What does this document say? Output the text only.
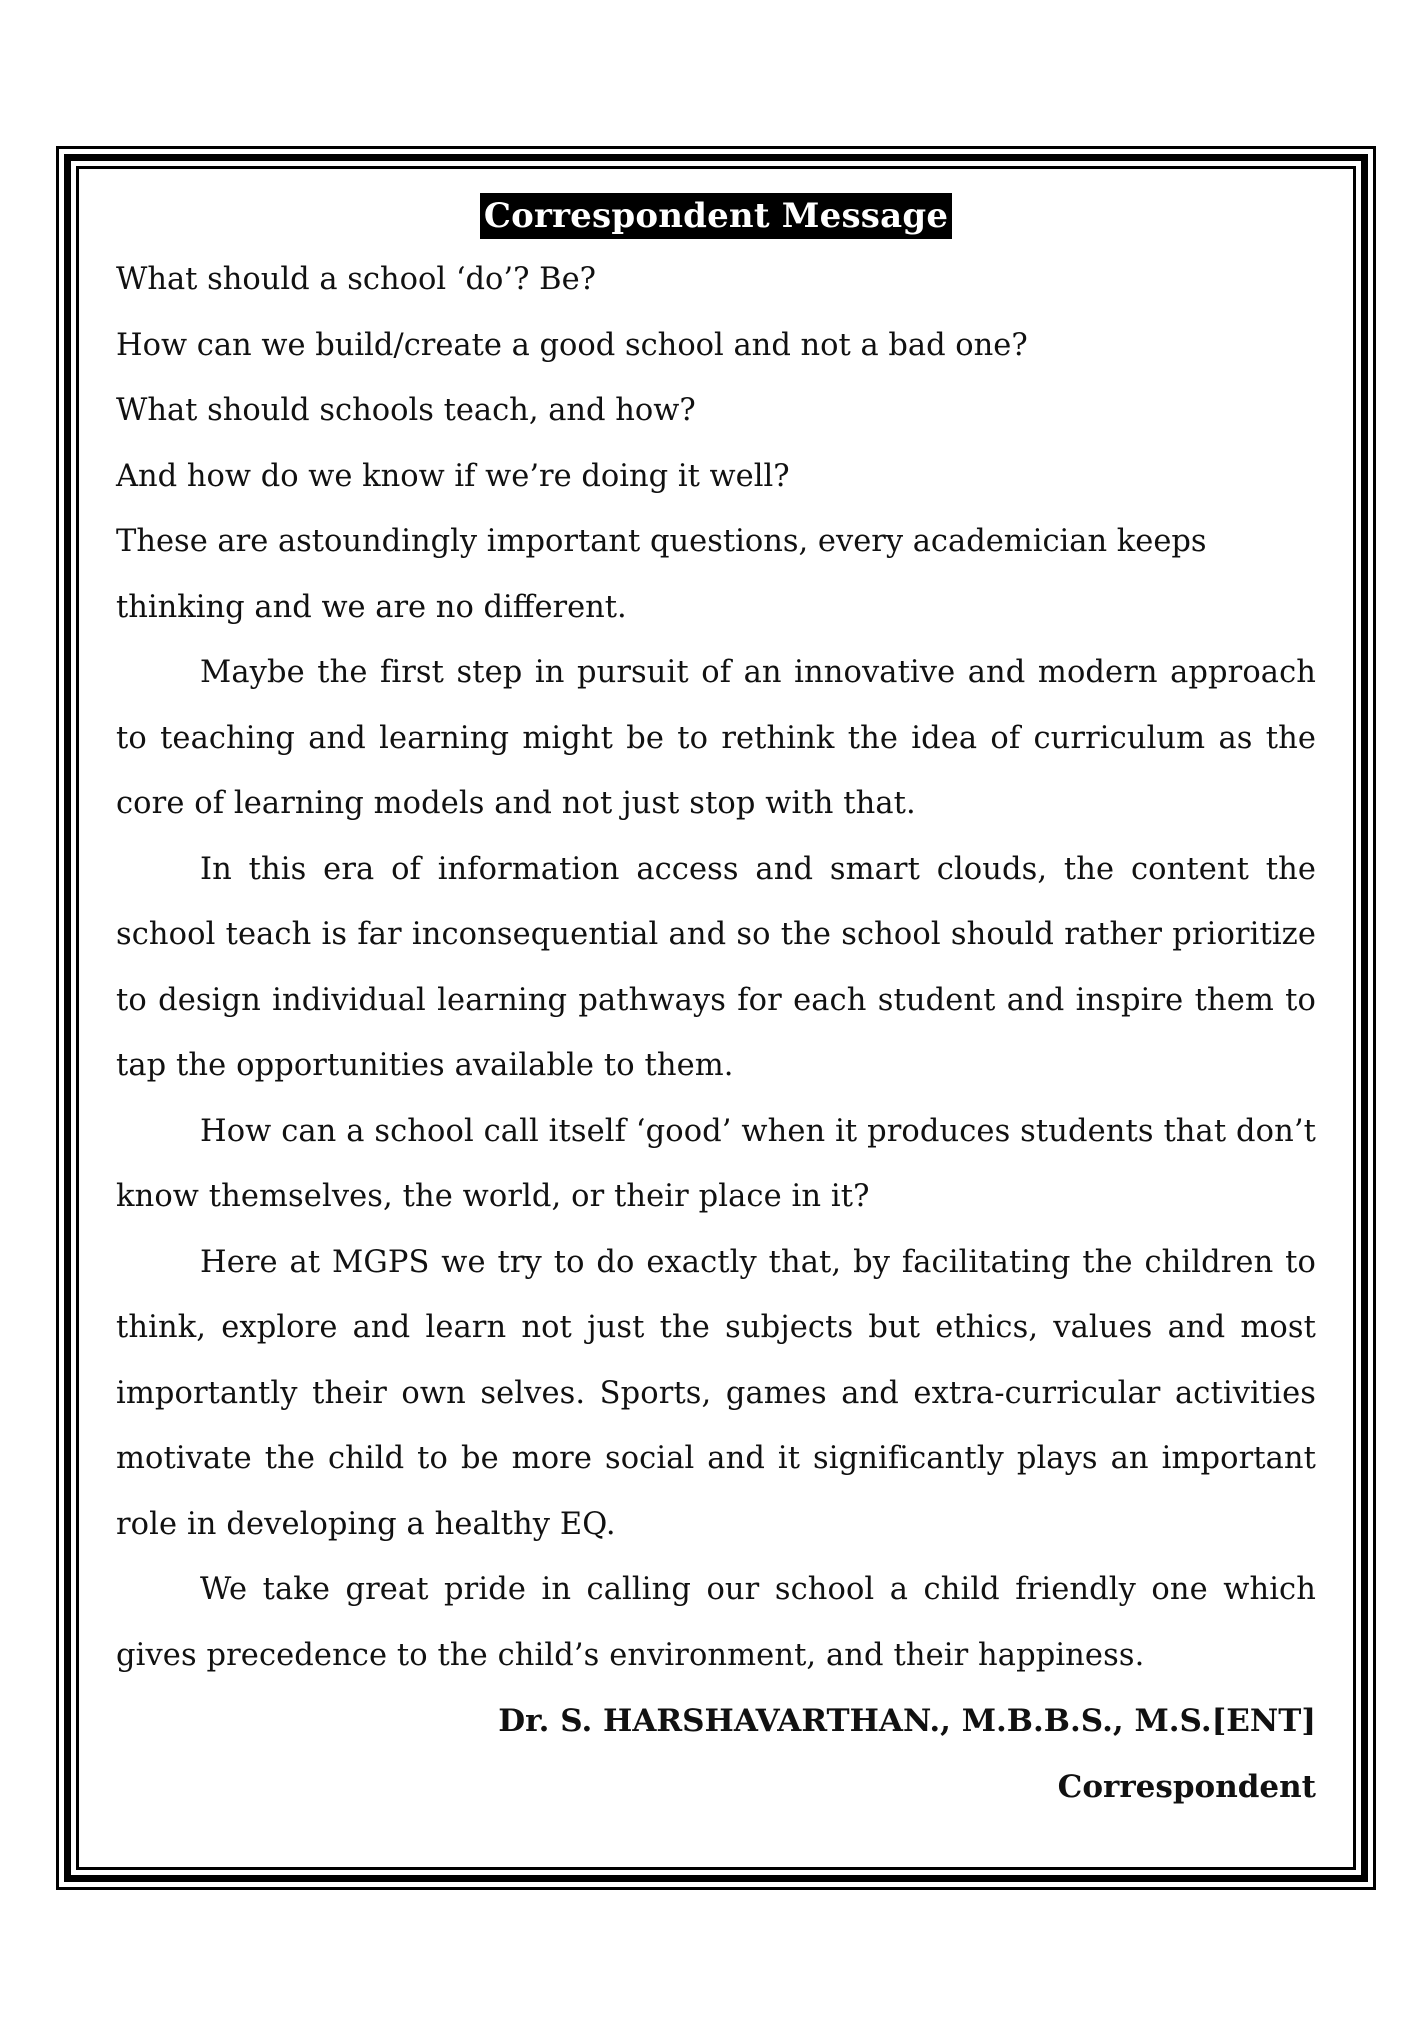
Correspondent Message

What should a school ‘do’? Be?

How can we build/create a good school and not a bad one?

What should schools teach, and how?

And how do we know if we’re doing it well?

These are astoundingly important questions, every academician keeps

thinking and we are no different.

Maybe the first step in pursuit of an innovative and modern approach to teaching and learning might be to rethink the idea of curriculum as the core of learning models and not just stop with that.

In this era of information access and smart clouds, the content the school teach is far inconsequential and so the school should rather prioritize to design individual learning pathways for each student and inspire them to tap the opportunities available to them.

How can a school call itself ‘good’ when it produces students that don’t know themselves, the world, or their place in it?

Here at MGPS we try to do exactly that, by facilitating the children to think, explore and learn not just the subjects but ethics, values and most importantly their own selves. Sports, games and extra-curricular activities motivate the child to be more social and it significantly plays an important role in developing a healthy EQ.

We take great pride in calling our school a child friendly one which gives precedence to the child’s environment, and their happiness.

Dr. S. HARSHAVARTHAN., M.B.B.S., M.S.[ENT]

Correspondent
